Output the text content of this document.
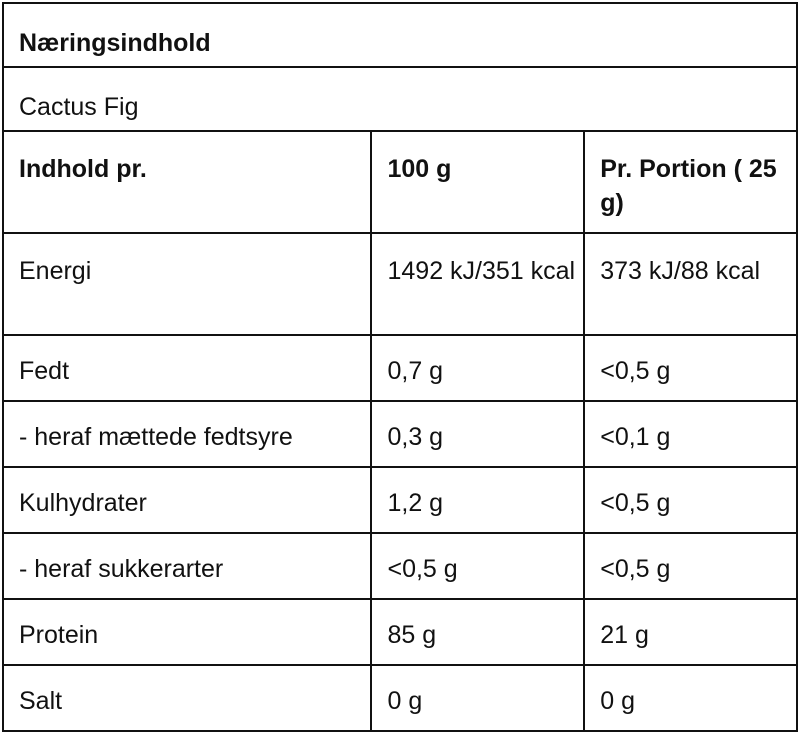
Næringsindhold		
Cactus Fig		
Indhold pr.	100 g	Pr. Portion ( 25 g)
Energi	1492 kJ/351 kcal	373 kJ/88 kcal
Fedt	0,7 g	<0,5 g
- heraf mættede fedtsyre	0,3 g	<0,1 g
Kulhydrater	1,2 g	<0,5 g
- heraf sukkerarter	<0,5 g	<0,5 g
Protein	85 g	21 g
Salt	0 g	0 g
